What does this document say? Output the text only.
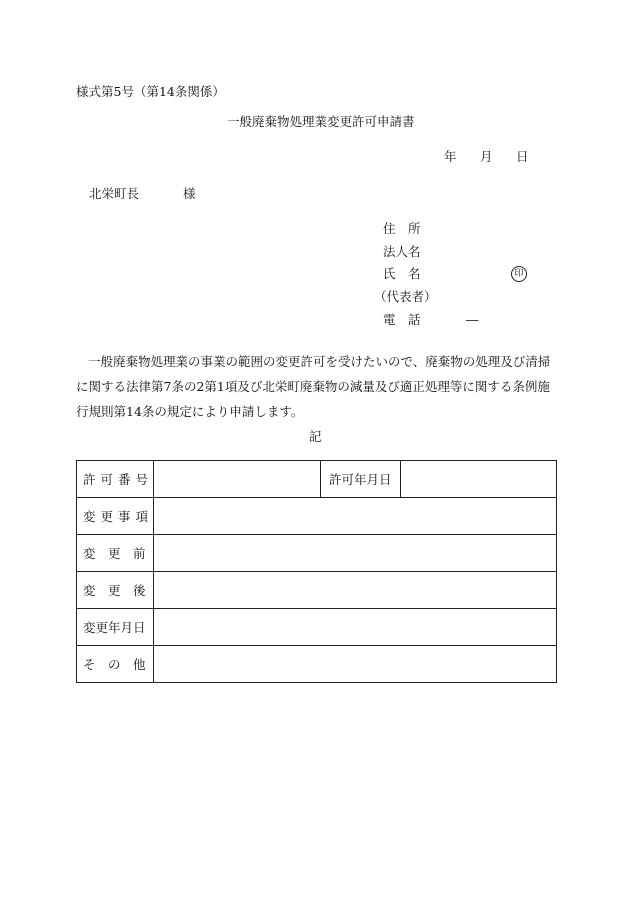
様式第5号（第14条関係）
一般廃棄物処理業変更許可申請書
年 月 日
北栄町長	様
住　所
法人名
氏　名	印
（代表者）
電　話	―
一般廃棄物処理業の事業の範囲の変更許可を受けたいので、廃棄物の処理及び清掃に関する法律第7条の2第1項及び北栄町廃棄物の減量及び適正処理等に関する条例施行規則第14条の規定により申請します。
記
許可番号		許可年月日	
変更事項			
変　更　前			
変　更　後			
変更年月日			
そ　の　他			
